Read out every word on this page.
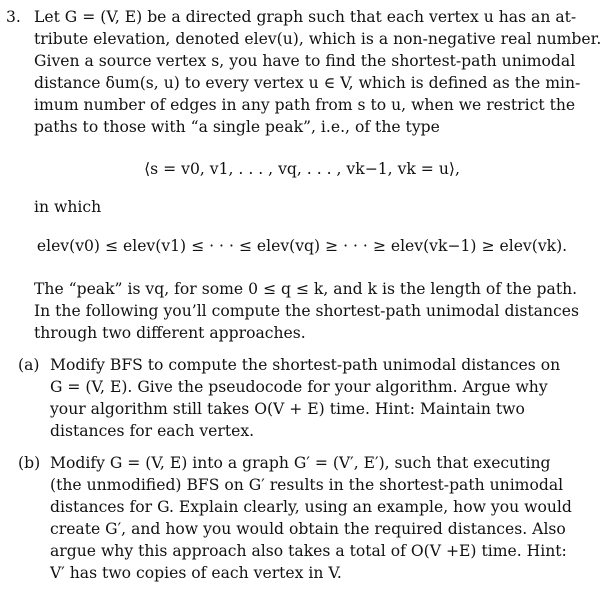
3. Let G = (V, E) be a directed graph such that each vertex u has an at-
tribute elevation, denoted elev(u), which is a non-negative real number.
Given a source vertex s, you have to find the shortest-path unimodal
distance δum(s, u) to every vertex u ∈ V, which is defined as the min-
imum number of edges in any path from s to u, when we restrict the
paths to those with “a single peak”, i.e., of the type
⟨s = v0, v1, . . . , vq, . . . , vk−1, vk = u⟩,
in which
elev(v0) ≤ elev(v1) ≤ · · · ≤ elev(vq) ≥ · · · ≥ elev(vk−1) ≥ elev(vk).
The “peak” is vq, for some 0 ≤ q ≤ k, and k is the length of the path.
In the following you’ll compute the shortest-path unimodal distances
through two different approaches.
(a) Modify BFS to compute the shortest-path unimodal distances on
G = (V, E). Give the pseudocode for your algorithm. Argue why
your algorithm still takes O(V + E) time. Hint: Maintain two
distances for each vertex.
(b) Modify G = (V, E) into a graph G′ = (V′, E′), such that executing
(the unmodified) BFS on G′ results in the shortest-path unimodal
distances for G. Explain clearly, using an example, how you would
create G′, and how you would obtain the required distances. Also
argue why this approach also takes a total of O(V +E) time. Hint:
V′ has two copies of each vertex in V.
